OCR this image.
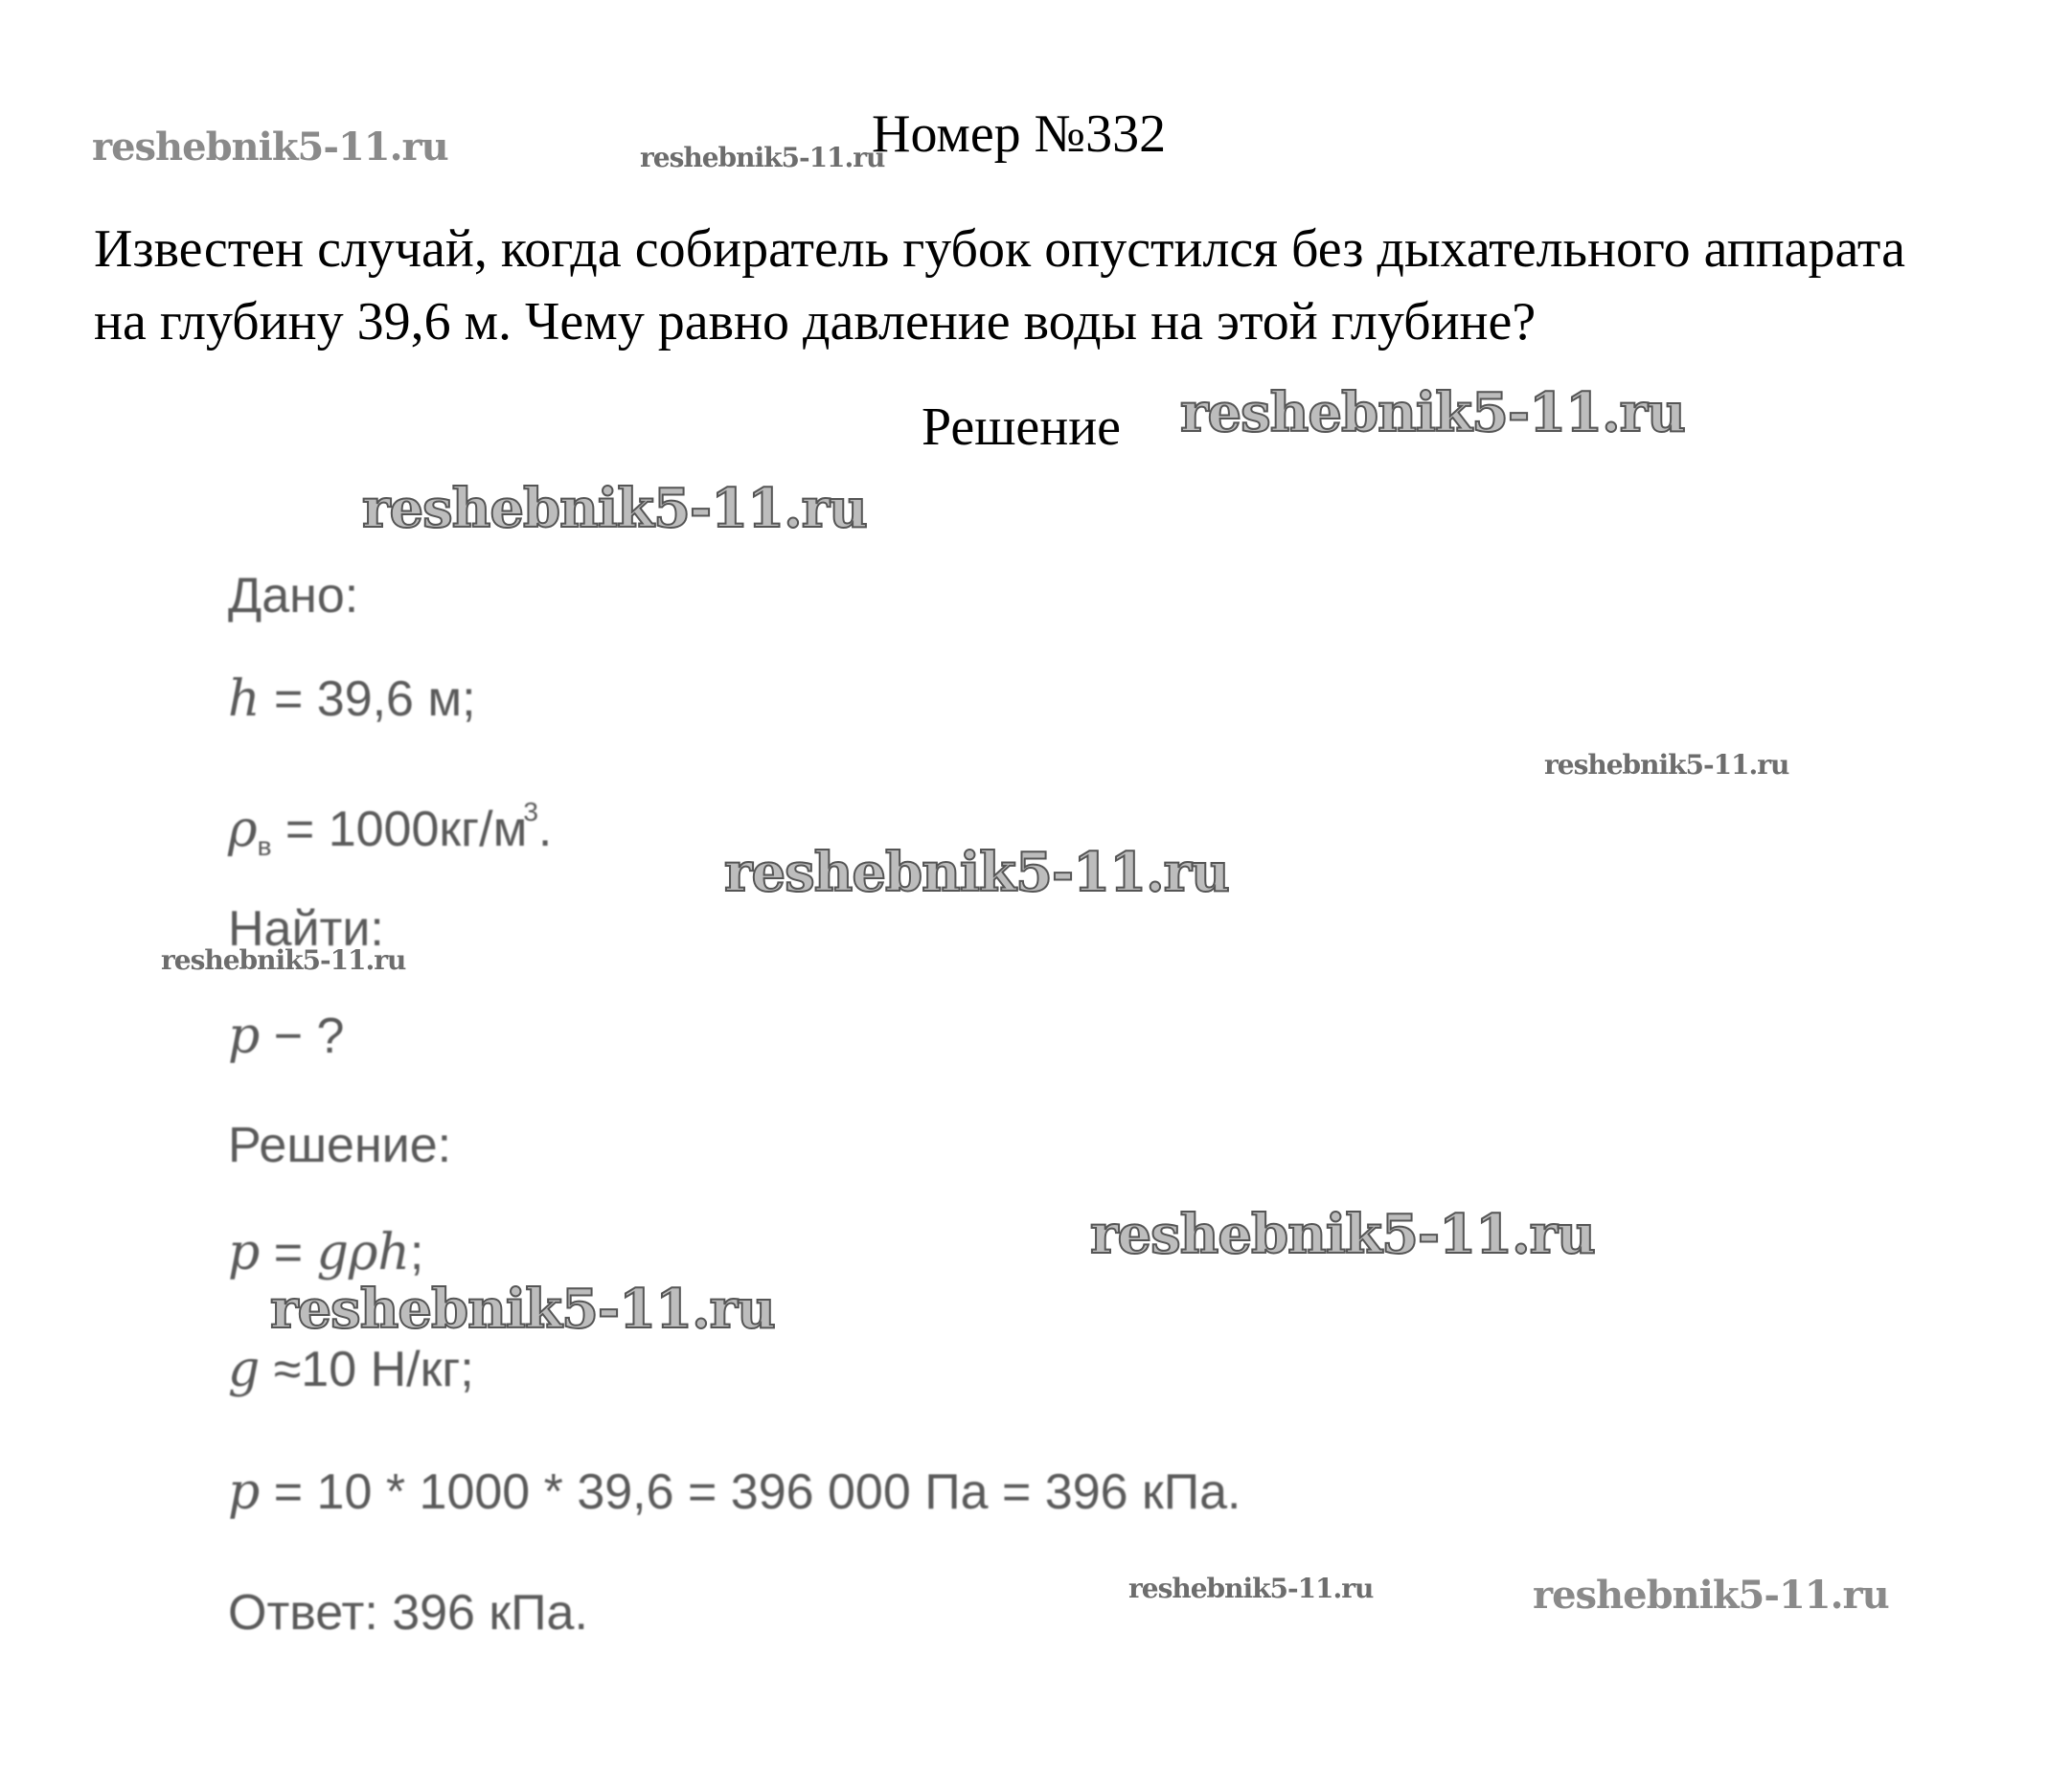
Номер №332
Известен случай, когда собиратель губок опустился без дыхательного аппарата на глубину 39,6 м. Чему равно давление воды на этой глубине?
Решение
Дано:
h = 39,6 м;
$\rho_в = 1000кг/м^3$.
Найти:
p − ?
Решение:
p = gρh;
g ≈10 Н/кг;
p = 10 * 1000 * 39,6 = 396 000 Па = 396 кПа.
Ответ: 396 кПа.
reshebnik5-11.ru	reshebnik5-11.ru
reshebnik5-11.ru
reshebnik5-11.ru
reshebnik5-11.ru
reshebnik5-11.ru
reshebnik5-11.ru
reshebnik5-11.ru
reshebnik5-11.ru
reshebnik5-11.ru	reshebnik5-11.ru
